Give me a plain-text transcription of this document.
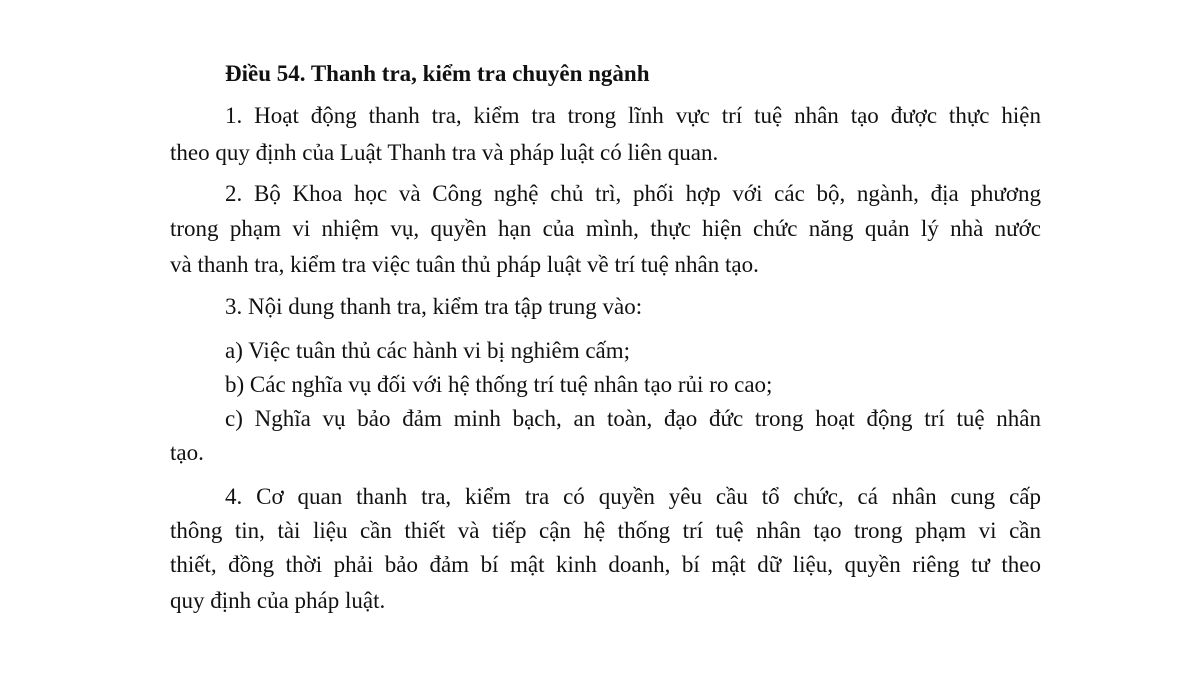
Điều 54. Thanh tra, kiểm tra chuyên ngành
1. Hoạt động thanh tra, kiểm tra trong lĩnh vực trí tuệ nhân tạo được thực hiện
theo quy định của Luật Thanh tra và pháp luật có liên quan.
2. Bộ Khoa học và Công nghệ chủ trì, phối hợp với các bộ, ngành, địa phương
trong phạm vi nhiệm vụ, quyền hạn của mình, thực hiện chức năng quản lý nhà nước
và thanh tra, kiểm tra việc tuân thủ pháp luật về trí tuệ nhân tạo.
3. Nội dung thanh tra, kiểm tra tập trung vào:
a) Việc tuân thủ các hành vi bị nghiêm cấm;
b) Các nghĩa vụ đối với hệ thống trí tuệ nhân tạo rủi ro cao;
c) Nghĩa vụ bảo đảm minh bạch, an toàn, đạo đức trong hoạt động trí tuệ nhân
tạo.
4. Cơ quan thanh tra, kiểm tra có quyền yêu cầu tổ chức, cá nhân cung cấp
thông tin, tài liệu cần thiết và tiếp cận hệ thống trí tuệ nhân tạo trong phạm vi cần
thiết, đồng thời phải bảo đảm bí mật kinh doanh, bí mật dữ liệu, quyền riêng tư theo
quy định của pháp luật.
